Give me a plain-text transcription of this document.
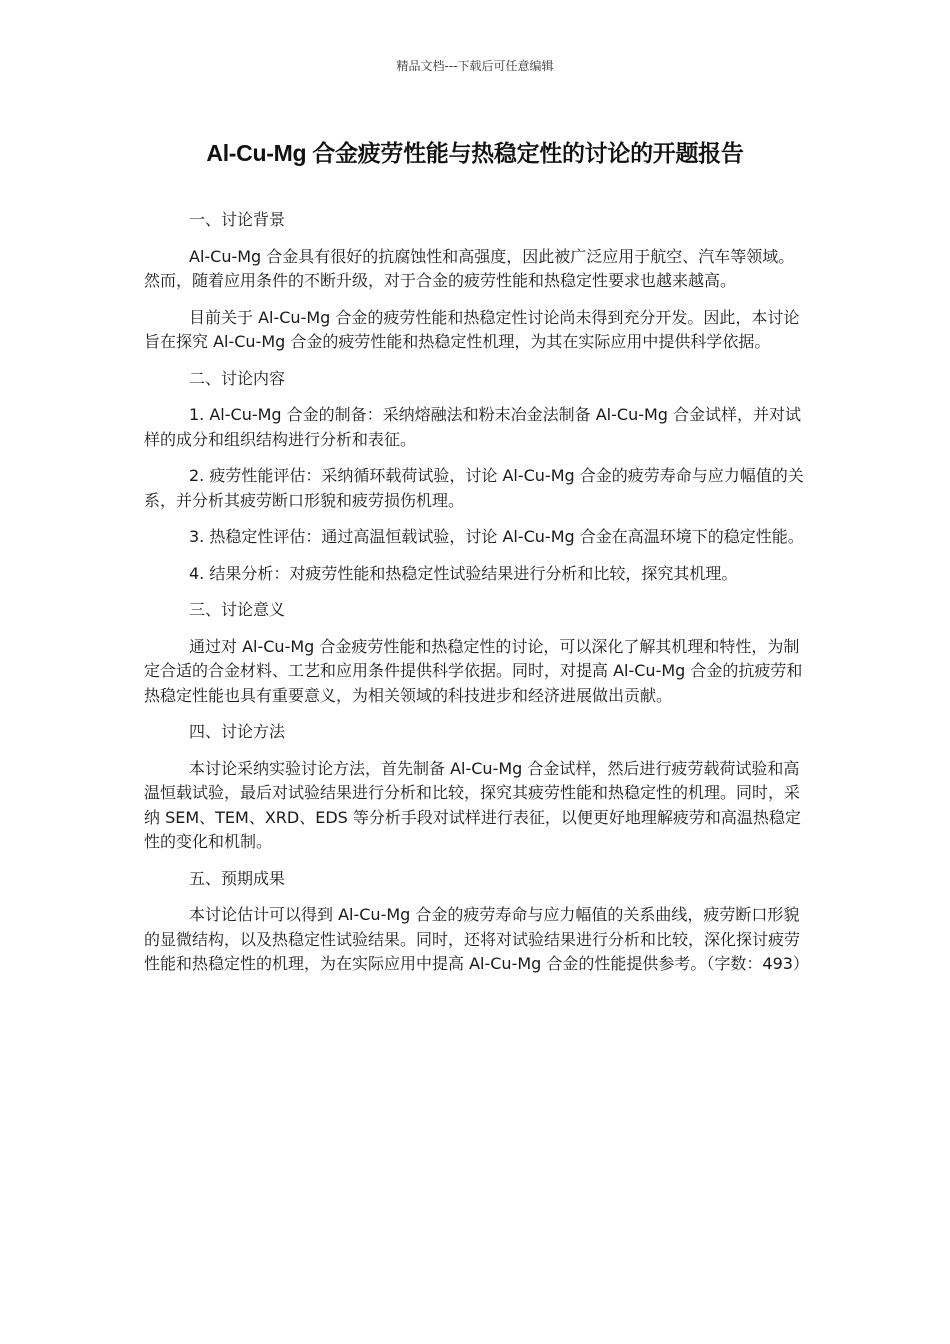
精品文档---下载后可任意编辑
Al-Cu-Mg 合金疲劳性能与热稳定性的讨论的开题报告

一、讨论背景

Al-Cu-Mg 合金具有很好的抗腐蚀性和高强度，因此被广泛应用于航空、汽车等领域。然而，随着应用条件的不断升级，对于合金的疲劳性能和热稳定性要求也越来越高。

目前关于 Al-Cu-Mg 合金的疲劳性能和热稳定性讨论尚未得到充分开发。因此，本讨论旨在探究 Al-Cu-Mg 合金的疲劳性能和热稳定性机理，为其在实际应用中提供科学依据。

二、讨论内容

1. Al-Cu-Mg 合金的制备：采纳熔融法和粉末冶金法制备 Al-Cu-Mg 合金试样，并对试样的成分和组织结构进行分析和表征。

2. 疲劳性能评估：采纳循环载荷试验，讨论 Al-Cu-Mg 合金的疲劳寿命与应力幅值的关系，并分析其疲劳断口形貌和疲劳损伤机理。

3. 热稳定性评估：通过高温恒载试验，讨论 Al-Cu-Mg 合金在高温环境下的稳定性能。

4. 结果分析：对疲劳性能和热稳定性试验结果进行分析和比较，探究其机理。

三、讨论意义

通过对 Al-Cu-Mg 合金疲劳性能和热稳定性的讨论，可以深化了解其机理和特性，为制定合适的合金材料、工艺和应用条件提供科学依据。同时，对提高 Al-Cu-Mg 合金的抗疲劳和热稳定性能也具有重要意义，为相关领域的科技进步和经济进展做出贡献。

四、讨论方法

本讨论采纳实验讨论方法，首先制备 Al-Cu-Mg 合金试样，然后进行疲劳载荷试验和高温恒载试验，最后对试验结果进行分析和比较，探究其疲劳性能和热稳定性的机理。同时，采纳 SEM、TEM、XRD、EDS 等分析手段对试样进行表征，以便更好地理解疲劳和高温热稳定性的变化和机制。

五、预期成果

本讨论估计可以得到 Al-Cu-Mg 合金的疲劳寿命与应力幅值的关系曲线，疲劳断口形貌的显微结构，以及热稳定性试验结果。同时，还将对试验结果进行分析和比较，深化探讨疲劳性能和热稳定性的机理，为在实际应用中提高 Al-Cu-Mg 合金的性能提供参考。（字数：493）
